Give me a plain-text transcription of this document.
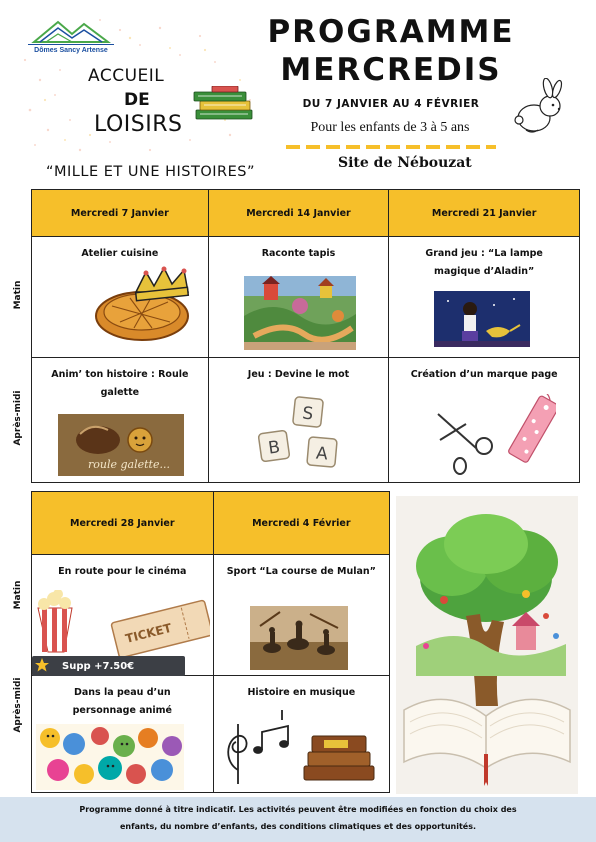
Dômes Sancy Artense
ACCUEIL
DE
LOISIRS
PROGRAMME
MERCREDIS
DU 7 JANVIER AU 4 FÉVRIER
Pour les enfants de 3 à 5 ans
“MILLE ET UNE HISTOIRES”
Site de Nébouzat
Matin
Après-midi
Matin
Après-midi
Mercredi 7 Janvier	Mercredi 14 Janvier	Mercredi 21 Janvier

Atelier cuisine	Raconte tapis	Grand jeu : “La lampe magique d’Aladin”

Anim’ ton histoire : Roule galette	Jeu : Devine le mot	Création d’un marque page
roule galette...
S
B A
Mercredi 28 Janvier	Mercredi 4 Février

En route pour le cinéma	Sport “La course de Mulan”

Dans la peau d’un personnage animé	Histoire en musique
TICKET
Supp +7.50€
Programme donné à titre indicatif. Les activités peuvent être modifiées en fonction du choix des
enfants, du nombre d’enfants, des conditions climatiques et des opportunités.
